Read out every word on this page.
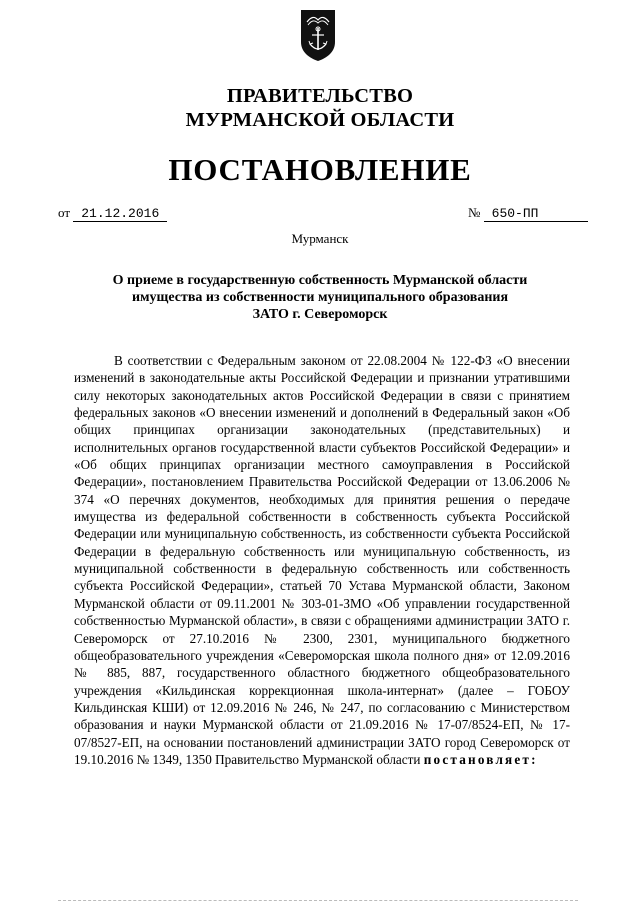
ПРАВИТЕЛЬСТВО
МУРМАНСКОЙ ОБЛАСТИ
ПОСТАНОВЛЕНИЕ
от 21.12.2016	№ 650-ПП
Мурманск
О приеме в государственную собственность Мурманской области
имущества из собственности муниципального образования
ЗАТО г. Североморск
В соответствии с Федеральным законом от 22.08.2004 № 122-ФЗ «О внесении изменений в законодательные акты Российской Федерации и признании утратившими силу некоторых законодательных актов Российской Федерации в связи с принятием федеральных законов «О внесении изменений и дополнений в Федеральный закон «Об общих принципах организации законодательных (представительных) и исполнительных органов государственной власти субъектов Российской Федерации» и «Об общих принципах организации местного самоуправления в Российской Федерации», постановлением Правительства Российской Федерации от 13.06.2006 № 374 «О перечнях документов, необходимых для принятия решения о передаче имущества из федеральной собственности в собственность субъекта Российской Федерации или муниципальную собственность, из собственности субъекта Российской Федерации в федеральную собственность или муниципальную собственность, из муниципальной собственности в федеральную собственность или собственность субъекта Российской Федерации», статьей 70 Устава Мурманской области, Законом Мурманской области от 09.11.2001 № 303-01-ЗМО «Об управлении государственной собственностью Мурманской области», в связи с обращениями администрации ЗАТО г. Североморск от 27.10.2016 № 2300, 2301, муниципального бюджетного общеобразовательного учреждения «Североморская школа полного дня» от 12.09.2016 № 885, 887, государственного областного бюджетного общеобразовательного учреждения «Кильдинская коррекционная школа-интернат» (далее – ГОБОУ Кильдинская КШИ) от 12.09.2016 № 246, № 247, по согласованию с Министерством образования и науки Мурманской области от 21.09.2016 № 17-07/8524-ЕП, № 17-07/8527-ЕП, на основании постановлений администрации ЗАТО город Североморск от 19.10.2016 № 1349, 1350 Правительство Мурманской области постановляет:
